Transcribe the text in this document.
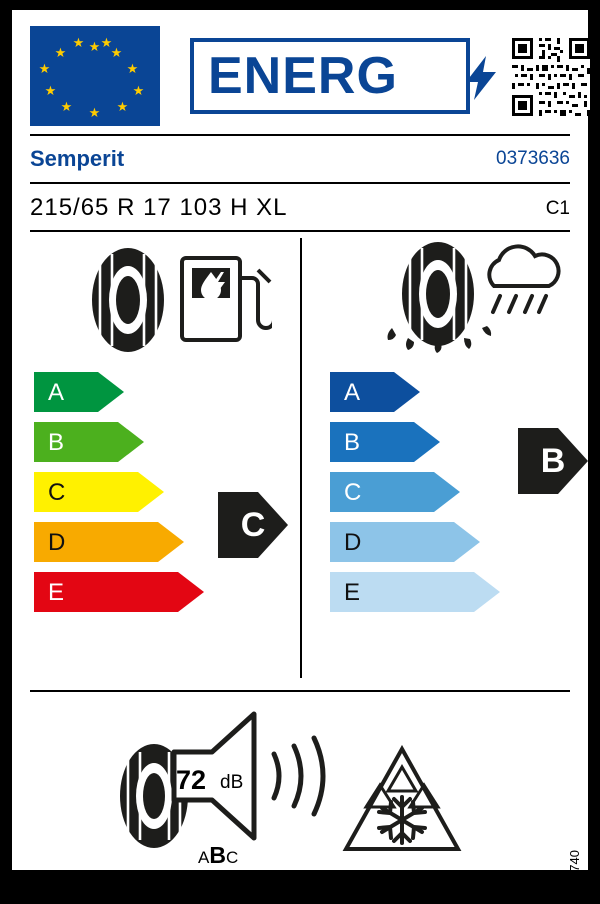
★ ★
★
★
★
★
★
★
★
★
★ ★
ENERG
Semperit	0373636
215/65 R 17 103 H XL	C1
A
B
C
D
E
C
A
B
C
D
E
B
72 dB
ABC	2020/740
